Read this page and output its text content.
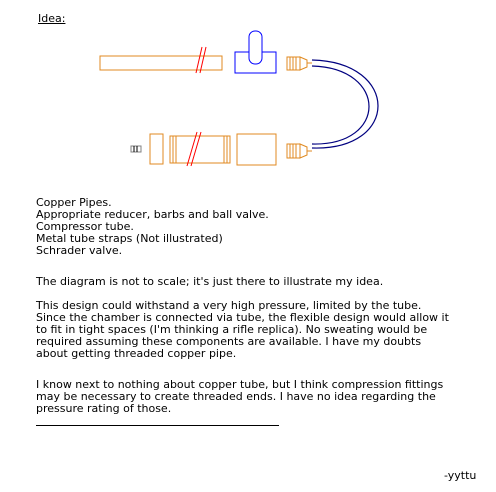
Idea:
Copper Pipes.
Appropriate reducer, barbs and ball valve.
Compressor tube.
Metal tube straps (Not illustrated)
Schrader valve.
The diagram is not to scale; it's just there to illustrate my idea.
This design could withstand a very high pressure, limited by the tube.
Since the chamber is connected via tube, the flexible design would allow it
to fit in tight spaces (I'm thinking a rifle replica). No sweating would be
required assuming these components are available. I have my doubts
about getting threaded copper pipe.
I know next to nothing about copper tube, but I think compression fittings
may be necessary to create threaded ends. I have no idea regarding the
pressure rating of those.
-yyttu
